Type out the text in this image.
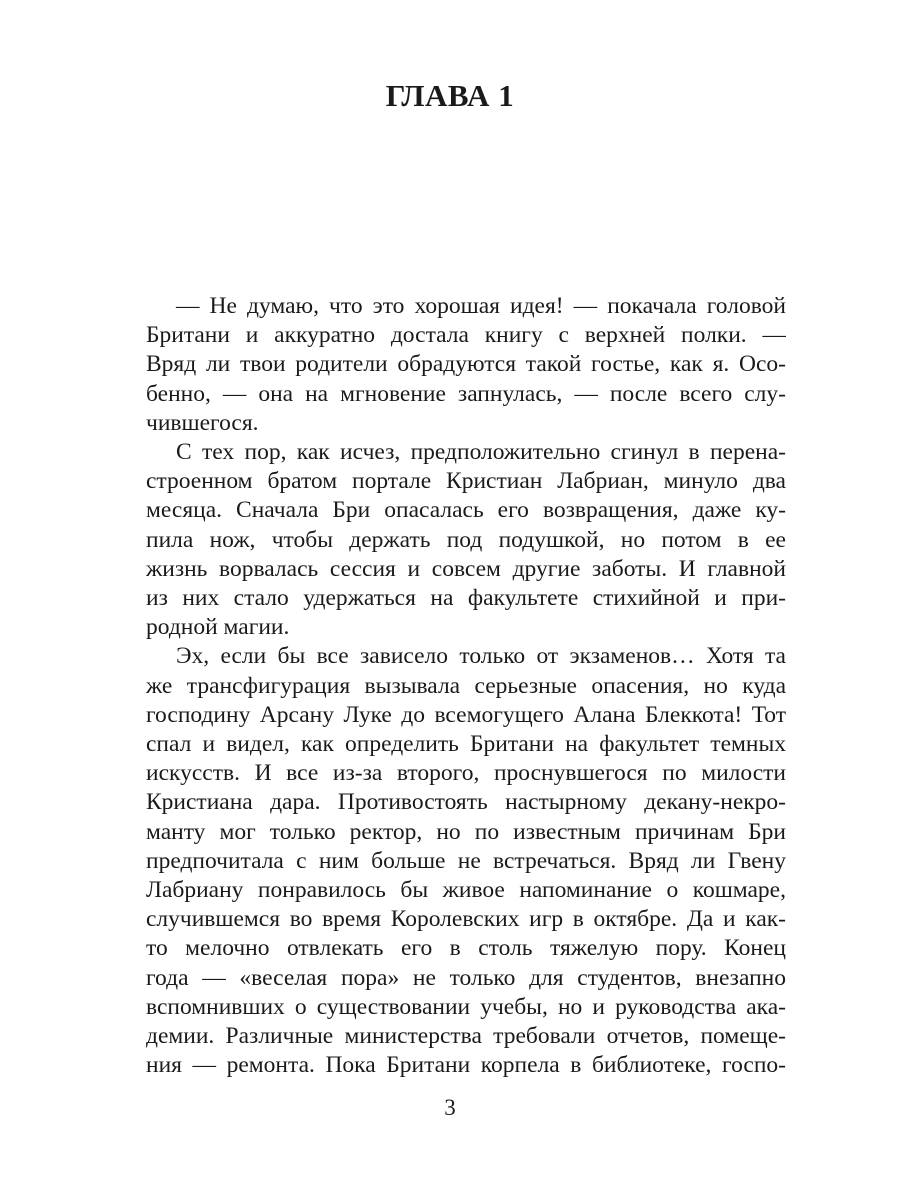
ГЛАВА 1
— Не думаю, что это хорошая идея! — покачала головой
Британи и аккуратно достала книгу с верхней полки. —
Вряд ли твои родители обрадуются такой гостье, как я. Осо-
бенно, — она на мгновение запнулась, — после всего слу-
чившегося.
С тех пор, как исчез, предположительно сгинул в перена-
строенном братом портале Кристиан Лабриан, минуло два
месяца. Сначала Бри опасалась его возвращения, даже ку-
пила нож, чтобы держать под подушкой, но потом в ее
жизнь ворвалась сессия и совсем другие заботы. И главной
из них стало удержаться на факультете стихийной и при-
родной магии.
Эх, если бы все зависело только от экзаменов… Хотя та
же трансфигурация вызывала серьезные опасения, но куда
господину Арсану Луке до всемогущего Алана Блеккота! Тот
спал и видел, как определить Британи на факультет темных
искусств. И все из-за второго, проснувшегося по милости
Кристиана дара. Противостоять настырному декану-некро-
манту мог только ректор, но по известным причинам Бри
предпочитала с ним больше не встречаться. Вряд ли Гвену
Лабриану понравилось бы живое напоминание о кошмаре,
случившемся во время Королевских игр в октябре. Да и как-
то мелочно отвлекать его в столь тяжелую пору. Конец
года — «веселая пора» не только для студентов, внезапно
вспомнивших о существовании учебы, но и руководства ака-
демии. Различные министерства требовали отчетов, помеще-
ния — ремонта. Пока Британи корпела в библиотеке, госпо-
3
